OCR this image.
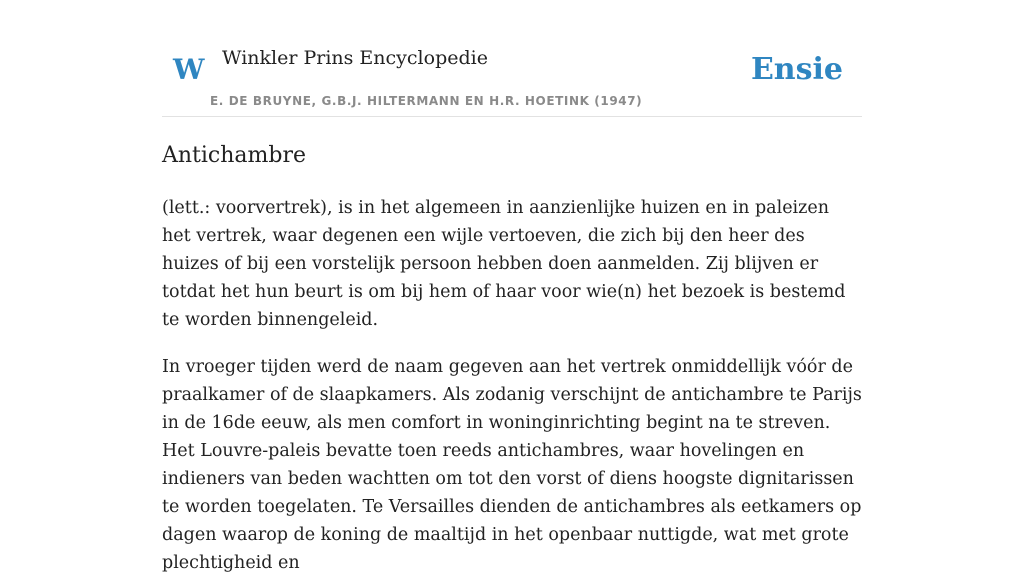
W Winkler Prins Encyclopedie
E. DE BRUYNE, G.B.J. HILTERMANN EN H.R. HOETINK (1947)
Ensie
Antichambre

(lett.: voorvertrek), is in het algemeen in aanzienlijke huizen en in paleizen het vertrek, waar degenen een wijle vertoeven, die zich bij den heer des huizes of bij een vorstelijk persoon hebben doen aanmelden. Zij blijven er totdat het hun beurt is om bij hem of haar voor wie(n) het bezoek is bestemd te worden binnengeleid.

In vroeger tijden werd de naam gegeven aan het vertrek onmiddellijk vóór de praalkamer of de slaapkamers. Als zodanig verschijnt de antichambre te Parijs in de 16de eeuw, als men comfort in woninginrichting begint na te streven. Het Louvre-paleis bevatte toen reeds antichambres, waar hovelingen en indieners van beden wachtten om tot den vorst of diens hoogste dignitarissen te worden toegelaten. Te Versailles dienden de antichambres als eetkamers op dagen waarop de koning de maaltijd in het openbaar nuttigde, wat met grote plechtigheid en
